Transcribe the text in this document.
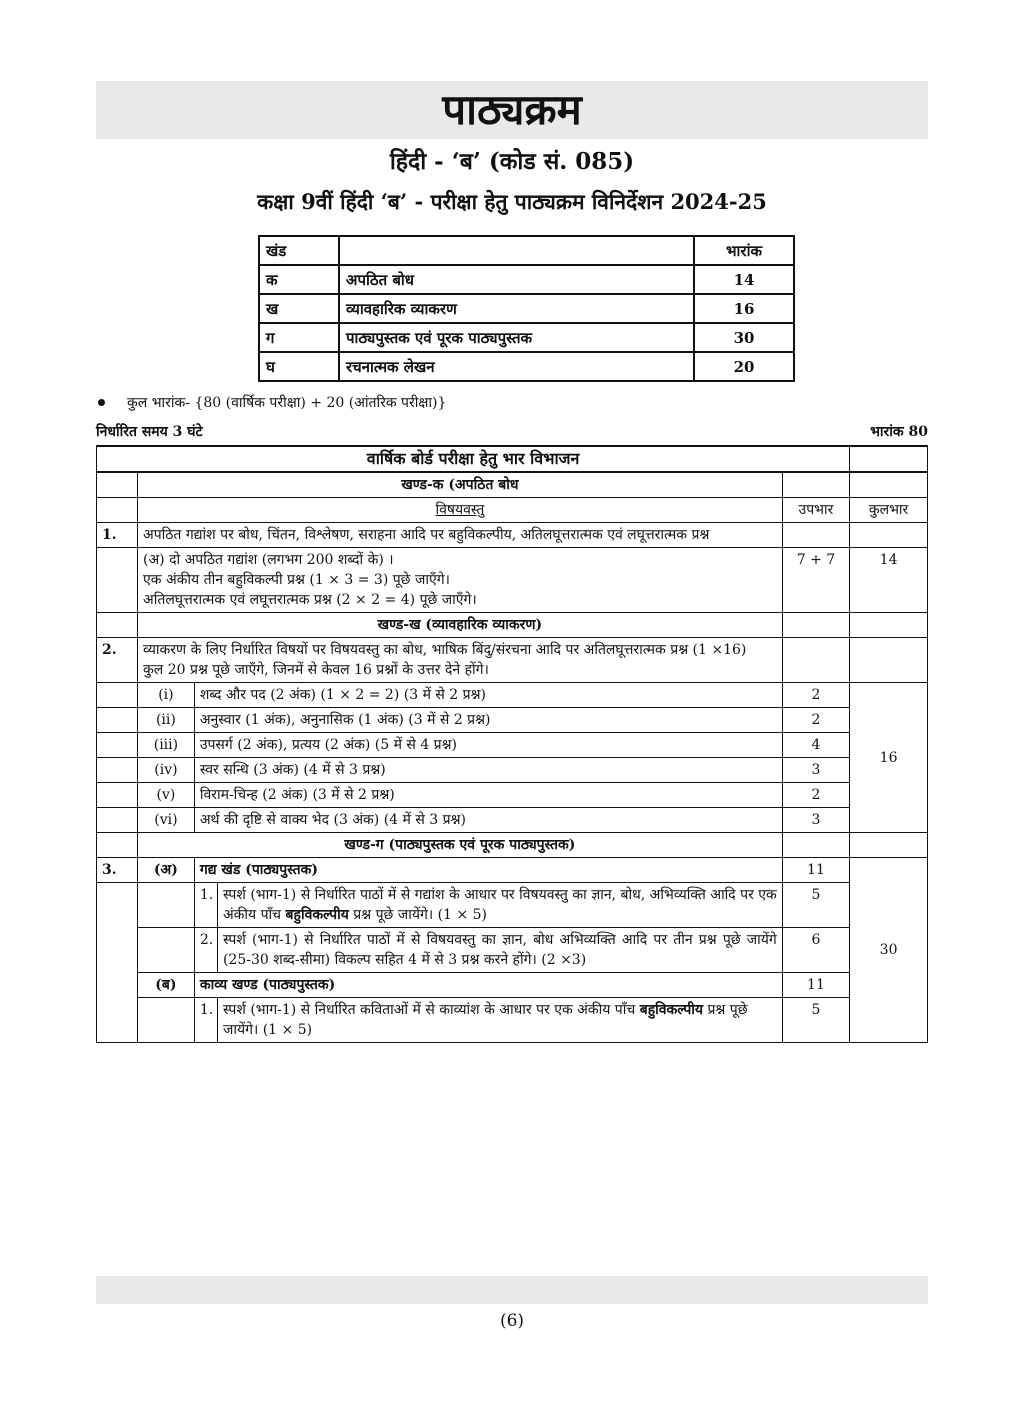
पाठ्यक्रम
हिंदी - ‘ब’ (कोड सं. 085)
कक्षा 9वीं हिंदी ‘ब’ - परीक्षा हेतु पाठ्यक्रम विनिर्देशन 2024-25
खंड		भारांक
क	अपठित बोध	14
ख	व्यावहारिक व्याकरण	16
ग	पाठ्यपुस्तक एवं पूरक पाठ्यपुस्तक	30
घ	रचनात्मक लेखन	20
कुल भारांक- {80 (वार्षिक परीक्षा) + 20 (आंतरिक परीक्षा)}
निर्धारित समय 3 घंटे	भारांक 80
वार्षिक बोर्ड परीक्षा हेतु भार विभाजन					
	खण्ड-क (अपठित बोध				
	विषयवस्तु			उपभार	कुलभार
1.	अपठित गद्यांश पर बोध, चिंतन, विश्लेषण, सराहना आदि पर बहुविकल्पीय, अतिलघूत्तरात्मक एवं लघूत्तरात्मक प्रश्न				

	(अ) दो अपठित गद्यांश (लगभग 200 शब्दों के) ।
एक अंकीय तीन बहुविकल्पी प्रश्न (1 × 3 = 3) पूछे जाएँगे।
अतिलघूत्तरात्मक एवं लघूत्तरात्मक प्रश्न (2 × 2 = 4) पूछे जाएँगे।			7 + 7	14
	खण्ड-ख (व्यावहारिक व्याकरण)				
2.	व्याकरण के लिए निर्धारित विषयों पर विषयवस्तु का बोध, भाषिक बिंदु/संरचना आदि पर अतिलघूत्तरात्मक प्रश्न (1 ×16)
कुल 20 प्रश्न पूछे जाएँगे, जिनमें से केवल 16 प्रश्नों के उत्तर देने होंगे।				

	(i)	शब्द और पद (2 अंक) (1 × 2 = 2) (3 में से 2 प्रश्न)		2	16
	(ii)	अनुस्वार (1 अंक), अनुनासिक (1 अंक) (3 में से 2 प्रश्न)		2	
	(iii)	उपसर्ग (2 अंक), प्रत्यय (2 अंक) (5 में से 4 प्रश्न)		4	
	(iv)	स्वर सन्धि (3 अंक) (4 में से 3 प्रश्न)		3	
	(v)	विराम-चिन्ह (2 अंक) (3 में से 2 प्रश्न)		2	
	(vi)	अर्थ की दृष्टि से वाक्य भेद (3 अंक) (4 में से 3 प्रश्न)		3	
	खण्ड-ग (पाठ्यपुस्तक एवं पूरक पाठ्यपुस्तक)				
3.	(अ)	गद्य खंड (पाठ्यपुस्तक)		11	30
		1.	स्पर्श (भाग-1) से निर्धारित पाठों में से गद्यांश के आधार पर विषयवस्तु का ज्ञान, बोध, अभिव्यक्ति आदि पर एक अंकीय पाँच बहुविकल्पीय प्रश्न पूछे जायेंगे। (1 × 5)	5	
		2.	स्पर्श (भाग-1) से निर्धारित पाठों में से विषयवस्तु का ज्ञान, बोध अभिव्यक्ति आदि पर तीन प्रश्न पूछे जायेंगे (25-30 शब्द-सीमा) विकल्प सहित 4 में से 3 प्रश्न करने होंगे। (2 ×3)	6	
	(ब)	काव्य खण्ड (पाठ्यपुस्तक)		11	
		1.	स्पर्श (भाग-1) से निर्धारित कविताओं में से काव्यांश के आधार पर एक अंकीय पाँच बहुविकल्पीय प्रश्न पूछे जायेंगे। (1 × 5)	5	
(6)
